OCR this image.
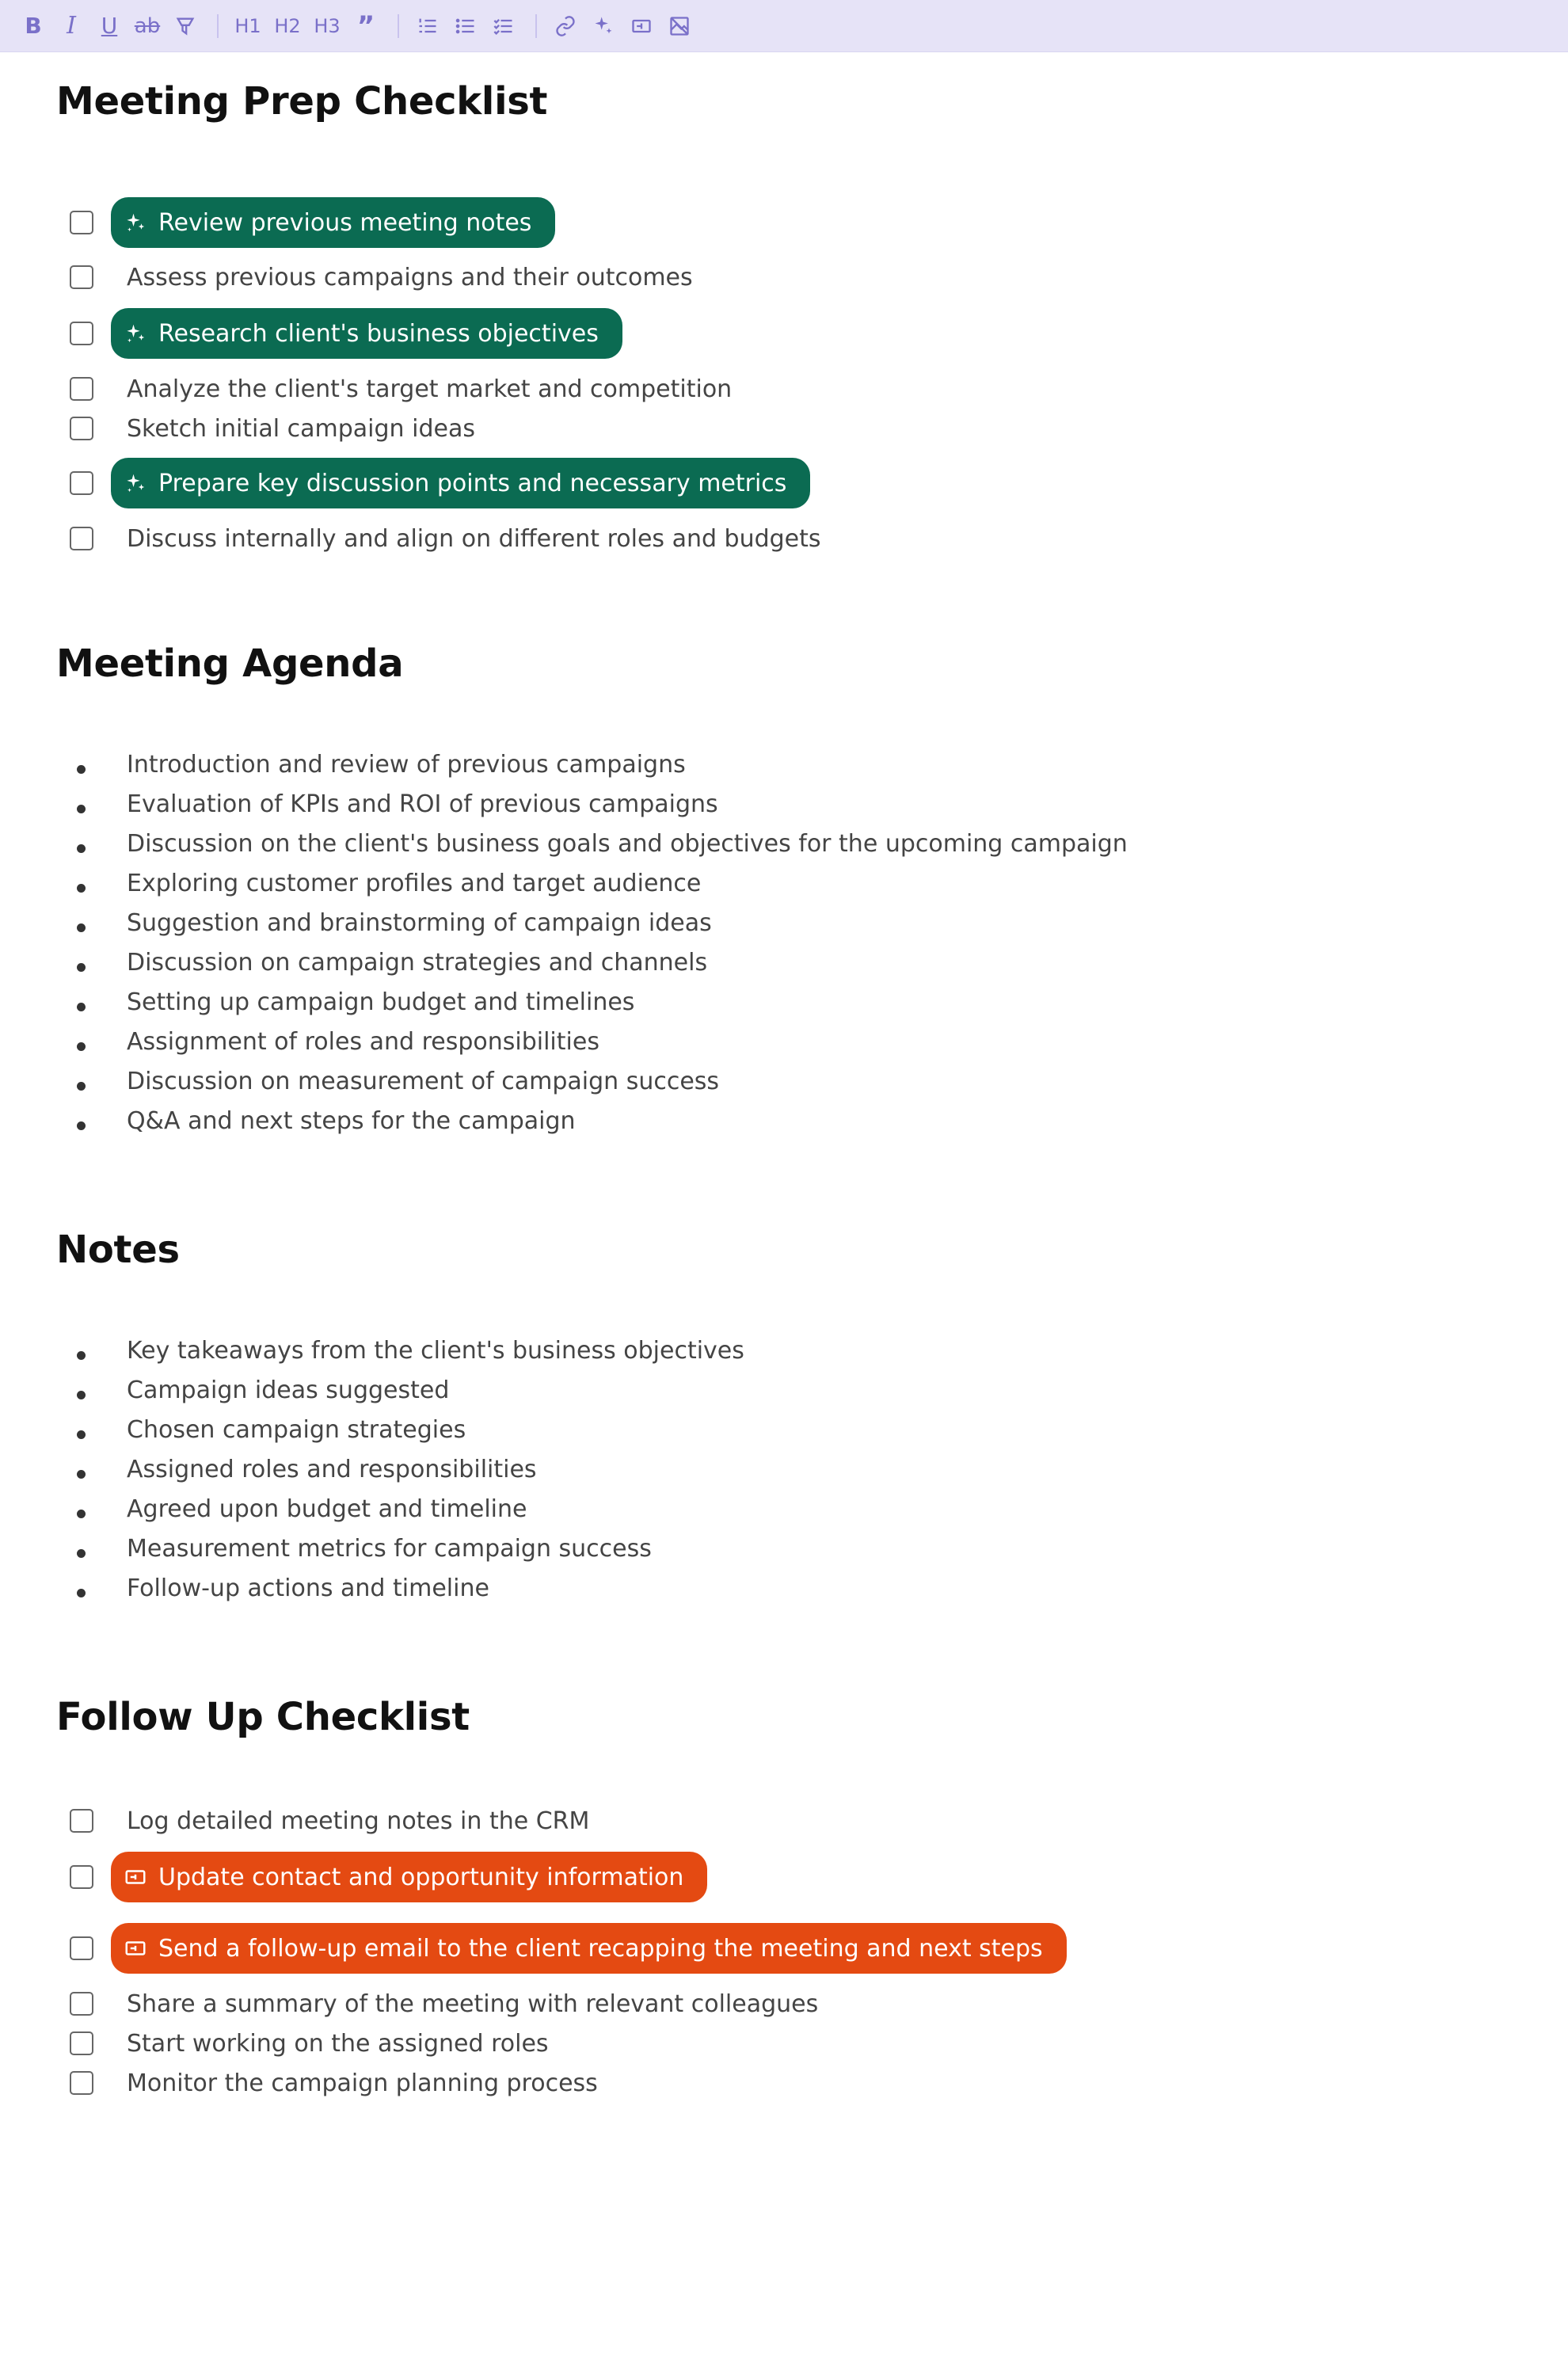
B I U ab	H1 H2 H3 ”
Meeting Prep Checklist
Review previous meeting notes
Assess previous campaigns and their outcomes
Research client's business objectives
Analyze the client's target market and competition
Sketch initial campaign ideas
Prepare key discussion points and necessary metrics
Discuss internally and align on different roles and budgets
Meeting Agenda
Introduction and review of previous campaigns
Evaluation of KPIs and ROI of previous campaigns
Discussion on the client's business goals and objectives for the upcoming campaign
Exploring customer profiles and target audience
Suggestion and brainstorming of campaign ideas
Discussion on campaign strategies and channels
Setting up campaign budget and timelines
Assignment of roles and responsibilities
Discussion on measurement of campaign success
Q&A and next steps for the campaign
Notes
Key takeaways from the client's business objectives
Campaign ideas suggested
Chosen campaign strategies
Assigned roles and responsibilities
Agreed upon budget and timeline
Measurement metrics for campaign success
Follow-up actions and timeline
Follow Up Checklist
Log detailed meeting notes in the CRM
Update contact and opportunity information
Send a follow-up email to the client recapping the meeting and next steps
Share a summary of the meeting with relevant colleagues
Start working on the assigned roles
Monitor the campaign planning process
